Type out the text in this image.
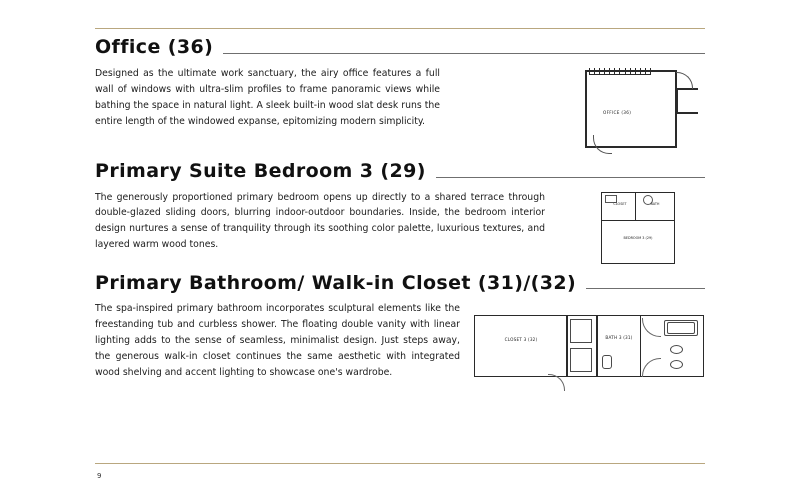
Office (36)
Designed as the ultimate work sanctuary, the airy office features a full wall of windows with ultra-slim profiles to frame panoramic views while bathing the space in natural light. A sleek built-in wood slat desk runs the entire length of the windowed expanse, epitomizing modern simplicity.
OFFICE (36)
Primary Suite Bedroom 3 (29)
The generously proportioned primary bedroom opens up directly to a shared terrace through double-glazed sliding doors, blurring indoor-outdoor boundaries. Inside, the bedroom interior design nurtures a sense of tranquility through its soothing color palette, luxurious textures, and layered warm wood tones.
CLOSET	BATH
BEDROOM 3 (29)
Primary Bathroom/ Walk-in Closet (31)/(32)
The spa-inspired primary bathroom incorporates sculptural elements like the freestanding tub and curbless shower. The floating double vanity with linear lighting adds to the sense of seamless, minimalist design. Just steps away, the generous walk-in closet continues the same aesthetic with integrated wood shelving and accent lighting to showcase one's wardrobe.
CLOSET 3 (32)	BATH 3 (31)
9
